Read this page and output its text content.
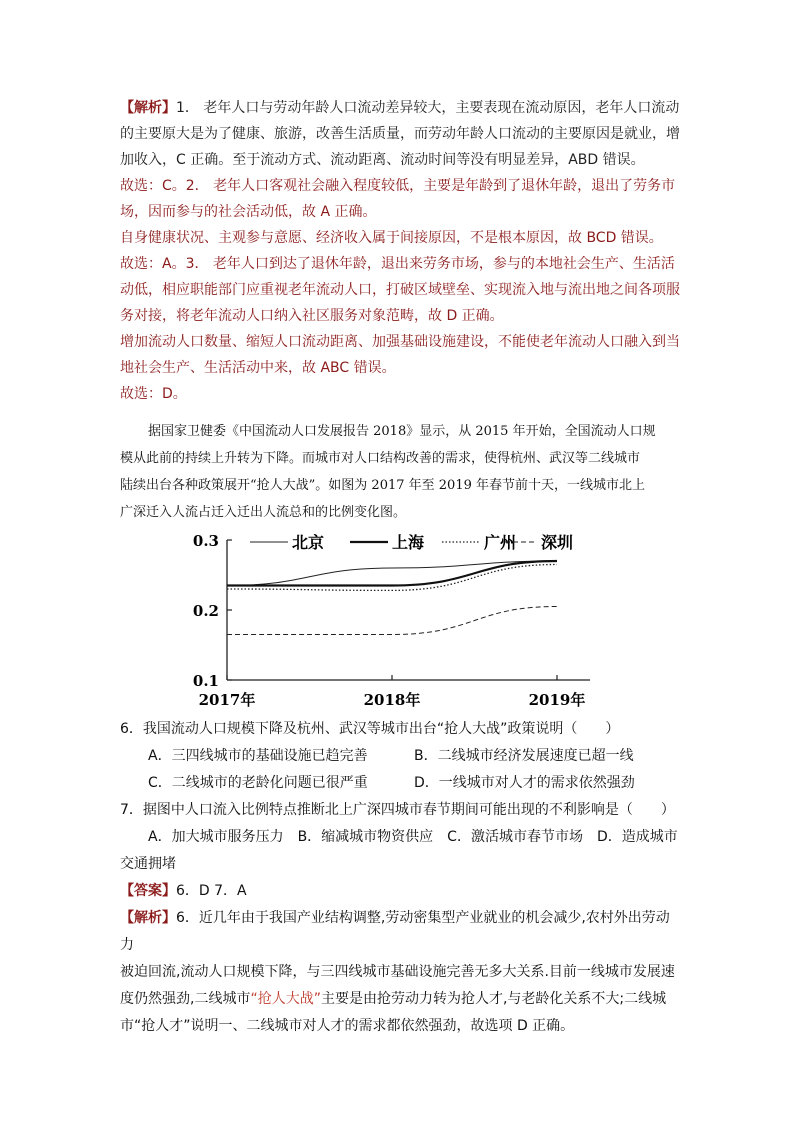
【解析】1． 老年人口与劳动年龄人口流动差异较大，主要表现在流动原因，老年人口流动

的主要原大是为了健康、旅游，改善生活质量，而劳动年龄人口流动的主要原因是就业，增

加收入，C 正确。至于流动方式、流动距离、流动时间等没有明显差异，ABD 错误。

故选：C。2． 老年人口客观社会融入程度较低，主要是年龄到了退休年龄，退出了劳务市

场，因而参与的社会活动低，故 A 正确。

自身健康状况、主观参与意愿、经济收入属于间接原因，不是根本原因，故 BCD 错误。

故选：A。3． 老年人口到达了退休年龄，退出来劳务市场，参与的本地社会生产、生活活

动低，相应职能部门应重视老年流动人口，打破区域壁垒、实现流入地与流出地之间各项服

务对接，将老年流动人口纳入社区服务对象范畴，故 D 正确。

增加流动人口数量、缩短人口流动距离、加强基础设施建设，不能使老年流动人口融入到当

地社会生产、生活活动中来，故 ABC 错误。

故选：D。

据国家卫健委《中国流动人口发展报告 2018》显示，从 2015 年开始，全国流动人口规

模从此前的持续上升转为下降。而城市对人口结构改善的需求，使得杭州、武汉等二线城市

陆续出台各种政策展开“抢人大战”。如图为 2017 年至 2019 年春节前十天，一线城市北上

广深迁入人流占迁入迁出人流总和的比例变化图。

0.3
0.2
0.1
2017年	2018年	2019年
北京	上海	广州 深圳

6．我国流动人口规模下降及杭州、武汉等城市出台“抢人大战”政策说明（　　）

A．三四线城市的基础设施已趋完善	B．二线城市经济发展速度已超一线
C．二线城市的老龄化问题已很严重	D．一线城市对人才的需求依然强劲

7．据图中人口流入比例特点推断北上广深四城市春节期间可能出现的不利影响是（　　）

A．加大城市服务压力　B．缩减城市物资供应　C．激活城市春节市场　D．造成城市

交通拥堵

【答案】6．D 7．A

【解析】6．近几年由于我国产业结构调整,劳动密集型产业就业的机会减少,农村外出劳动力

被迫回流,流动人口规模下降，与三四线城市基础设施完善无多大关系.目前一线城市发展速

度仍然强劲,二线城市“抢人大战”主要是由抢劳动力转为抢人才,与老龄化关系不大;二线城

市“抢人才”说明一、二线城市对人才的需求都依然强劲，故选项 D 正确。
